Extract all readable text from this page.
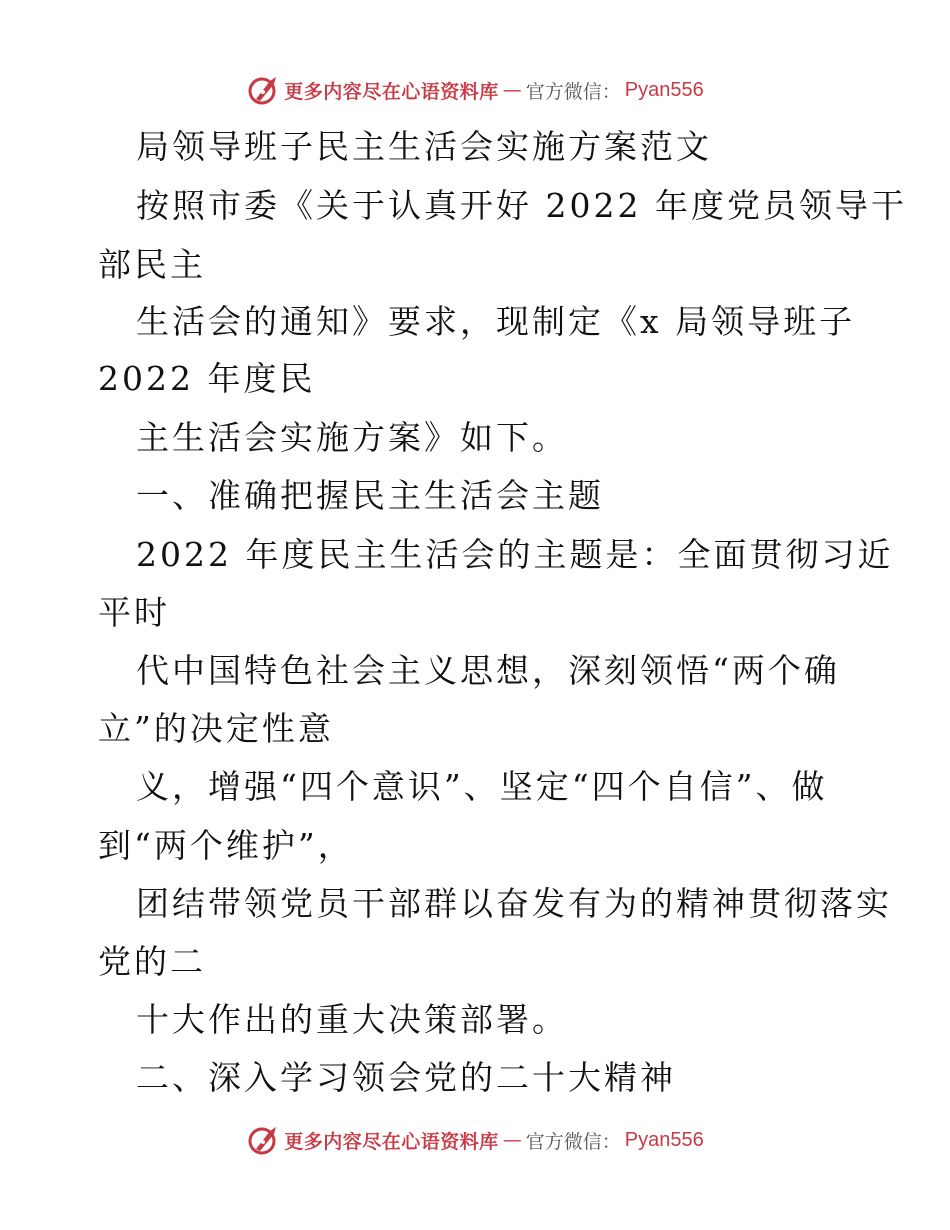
更多内容尽在心语资料库 — 官方微信： Pyan556
局领导班子民主生活会实施方案范文
按照市委《关于认真开好 2022 年度党员领导干
部民主
生活会的通知》要求，现制定《x 局领导班子
2022 年度民
主生活会实施方案》如下。
一、准确把握民主生活会主题
2022 年度民主生活会的主题是：全面贯彻习近
平时
代中国特色社会主义思想，深刻领悟“两个确
立”的决定性意
义，增强“四个意识”、坚定“四个自信”、做
到“两个维护”，
团结带领党员干部群以奋发有为的精神贯彻落实
党的二
十大作出的重大决策部署。
二、深入学习领会党的二十大精神
更多内容尽在心语资料库 — 官方微信： Pyan556
